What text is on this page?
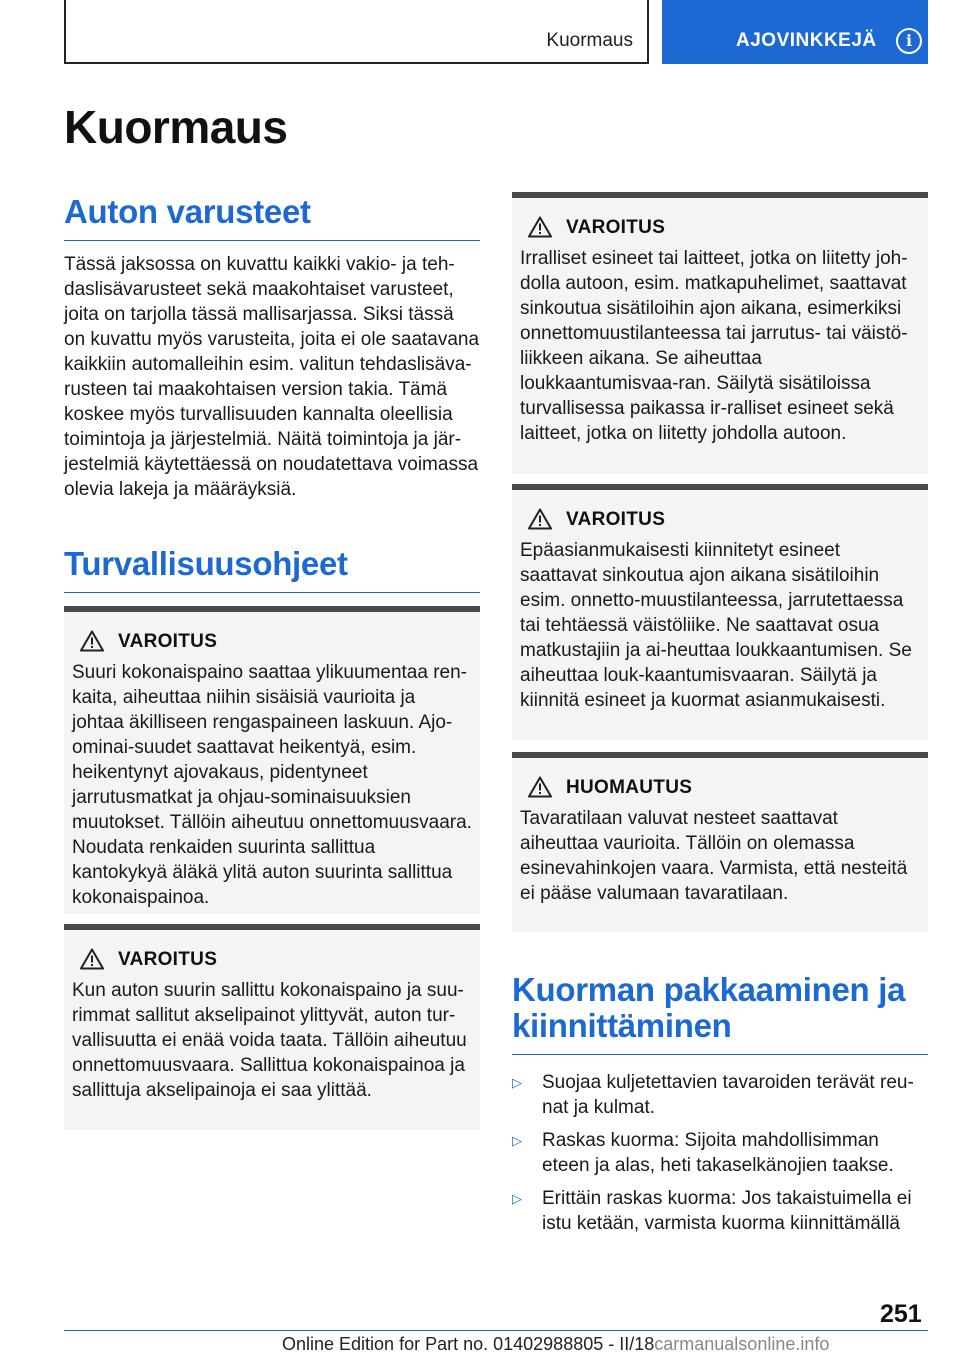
Kuormaus	AJOVINKKEJÄ	i
Kuormaus
Auton varusteet

Tässä jaksossa on kuvattu kaikki vakio- ja teh-daslisävarusteet sekä maakohtaiset varusteet, joita on tarjolla tässä mallisarjassa. Siksi tässä on kuvattu myös varusteita, joita ei ole saatavana kaikkiin automalleihin esim. valitun tehdaslisäva-rusteen tai maakohtaisen version takia. Tämä koskee myös turvallisuuden kannalta oleellisia toimintoja ja järjestelmiä. Näitä toimintoja ja jär-jestelmiä käytettäessä on noudatettava voimassa olevia lakeja ja määräyksiä.

Turvallisuusohjeet
VAROITUS
Suuri kokonaispaino saattaa ylikuumentaa ren-kaita, aiheuttaa niihin sisäisiä vaurioita ja johtaa äkilliseen rengaspaineen laskuun. Ajo-ominai-suudet saattavat heikentyä, esim. heikentynyt ajovakaus, pidentyneet jarrutusmatkat ja ohjau-sominaisuuksien muutokset. Tällöin aiheutuu onnettomuusvaara. Noudata renkaiden suurinta sallittua kantokykyä äläkä ylitä auton suurinta sallittua kokonaispainoa.
VAROITUS
Kun auton suurin sallittu kokonaispaino ja suu-rimmat sallitut akselipainot ylittyvät, auton tur-vallisuutta ei enää voida taata. Tällöin aiheutuu onnettomuusvaara. Sallittua kokonaispainoa ja sallittuja akselipainoja ei saa ylittää.
VAROITUS
Irralliset esineet tai laitteet, jotka on liitetty joh-dolla autoon, esim. matkapuhelimet, saattavat sinkoutua sisätiloihin ajon aikana, esimerkiksi onnettomuustilanteessa tai jarrutus- tai väistö-liikkeen aikana. Se aiheuttaa loukkaantumisvaa-ran. Säilytä sisätiloissa turvallisessa paikassa ir-ralliset esineet sekä laitteet, jotka on liitetty johdolla autoon.
VAROITUS
Epäasianmukaisesti kiinnitetyt esineet saattavat sinkoutua ajon aikana sisätiloihin esim. onnetto-muustilanteessa, jarrutettaessa tai tehtäessä väistöliike. Ne saattavat osua matkustajiin ja ai-heuttaa loukkaantumisen. Se aiheuttaa louk-kaantumisvaaran. Säilytä ja kiinnitä esineet ja kuormat asianmukaisesti.
HUOMAUTUS
Tavaratilaan valuvat nesteet saattavat aiheuttaa vaurioita. Tällöin on olemassa esinevahinkojen vaara. Varmista, että nesteitä ei pääse valumaan tavaratilaan.
Kuorman pakkaaminen ja kiinnittäminen
▷ Suojaa kuljetettavien tavaroiden terävät reu-nat ja kulmat.
▷ Raskas kuorma: Sijoita mahdollisimman eteen ja alas, heti takaselkänojien taakse.
▷ Erittäin raskas kuorma: Jos takaistuimella ei istu ketään, varmista kuorma kiinnittämällä
251
Online Edition for Part no. 01402988805 - II/18carmanualsonline.info
